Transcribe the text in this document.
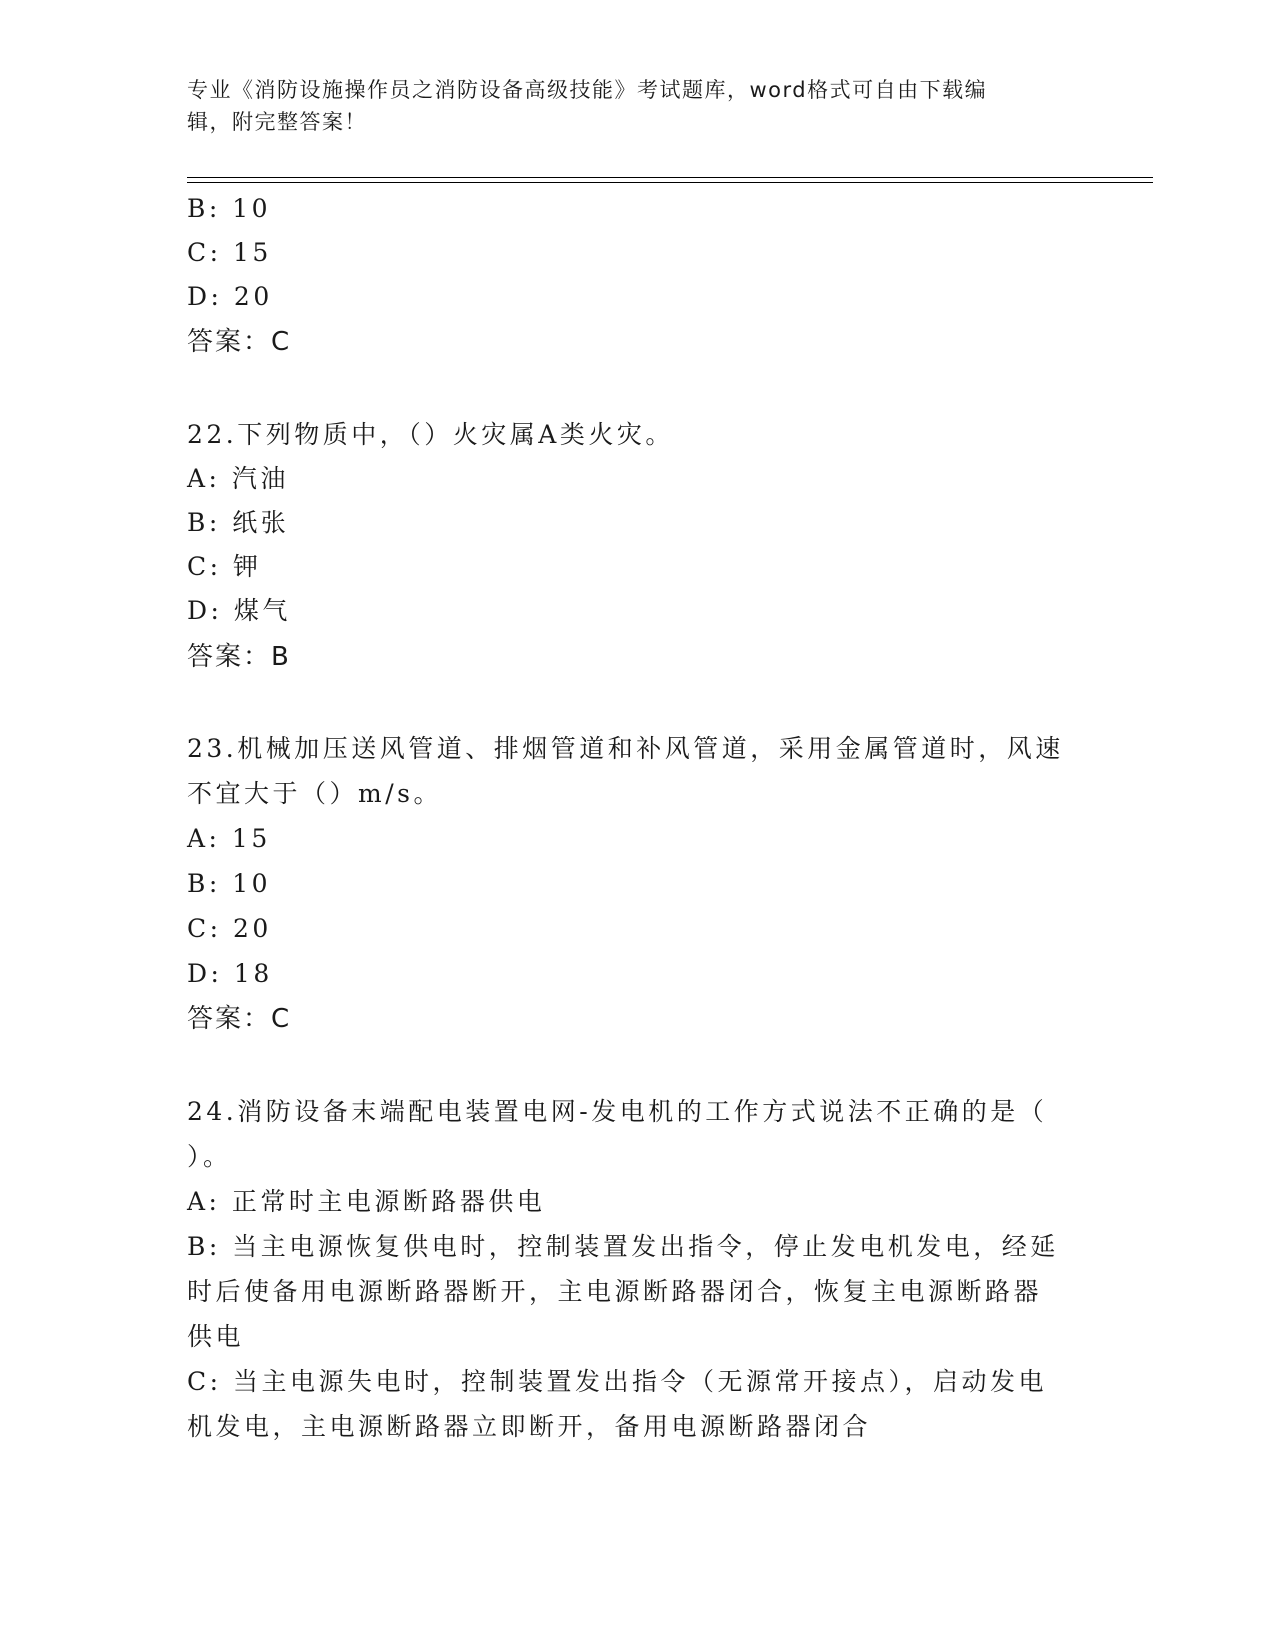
专业《消防设施操作员之消防设备高级技能》考试题库，word格式可自由下载编
辑，附完整答案！
B: 10
C: 15
D: 20
答案：C
22.下列物质中，（）火灾属A类火灾。
A: 汽油
B: 纸张
C: 钾
D: 煤气
答案：B
23.机械加压送风管道、排烟管道和补风管道，采用金属管道时，风速
不宜大于（）m/s。
A: 15
B: 10
C: 20
D: 18
答案：C
24.消防设备末端配电装置电网-发电机的工作方式说法不正确的是（
）。
A: 正常时主电源断路器供电
B: 当主电源恢复供电时，控制装置发出指令，停止发电机发电，经延
时后使备用电源断路器断开，主电源断路器闭合，恢复主电源断路器
供电
C: 当主电源失电时，控制装置发出指令（无源常开接点），启动发电
机发电，主电源断路器立即断开，备用电源断路器闭合
